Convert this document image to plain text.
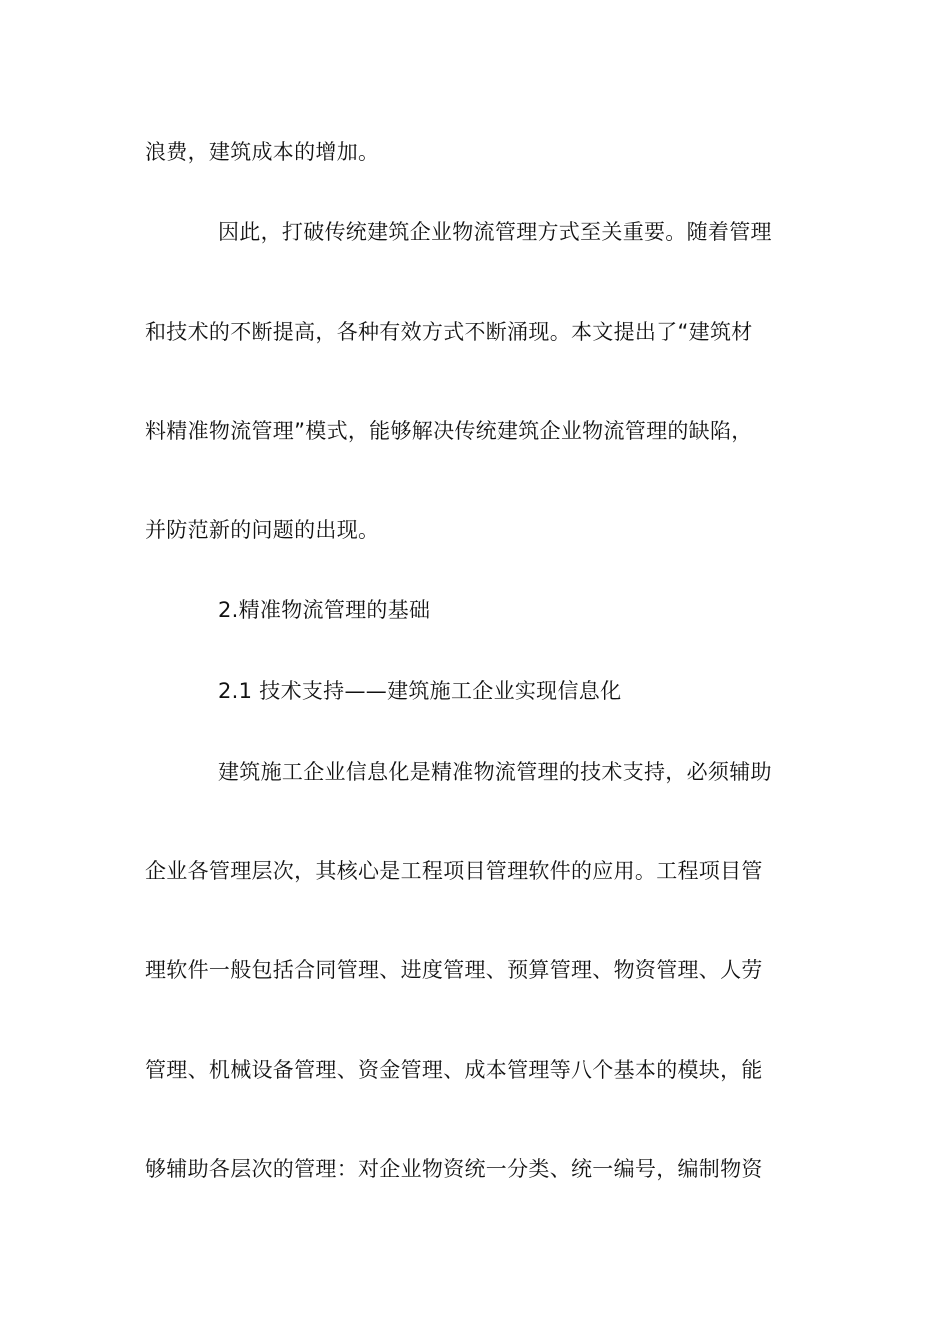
浪费，建筑成本的增加。

因此，打破传统建筑企业物流管理方式至关重要。随着管理

和技术的不断提高，各种有效方式不断涌现。本文提出了“建筑材

料精准物流管理”模式，能够解决传统建筑企业物流管理的缺陷，

并防范新的问题的出现。

2.精准物流管理的基础

2.1 技术支持——建筑施工企业实现信息化

建筑施工企业信息化是精准物流管理的技术支持，必须辅助

企业各管理层次，其核心是工程项目管理软件的应用。工程项目管

理软件一般包括合同管理、进度管理、预算管理、物资管理、人劳

管理、机械设备管理、资金管理、成本管理等八个基本的模块，能

够辅助各层次的管理：对企业物资统一分类、统一编号，编制物资
